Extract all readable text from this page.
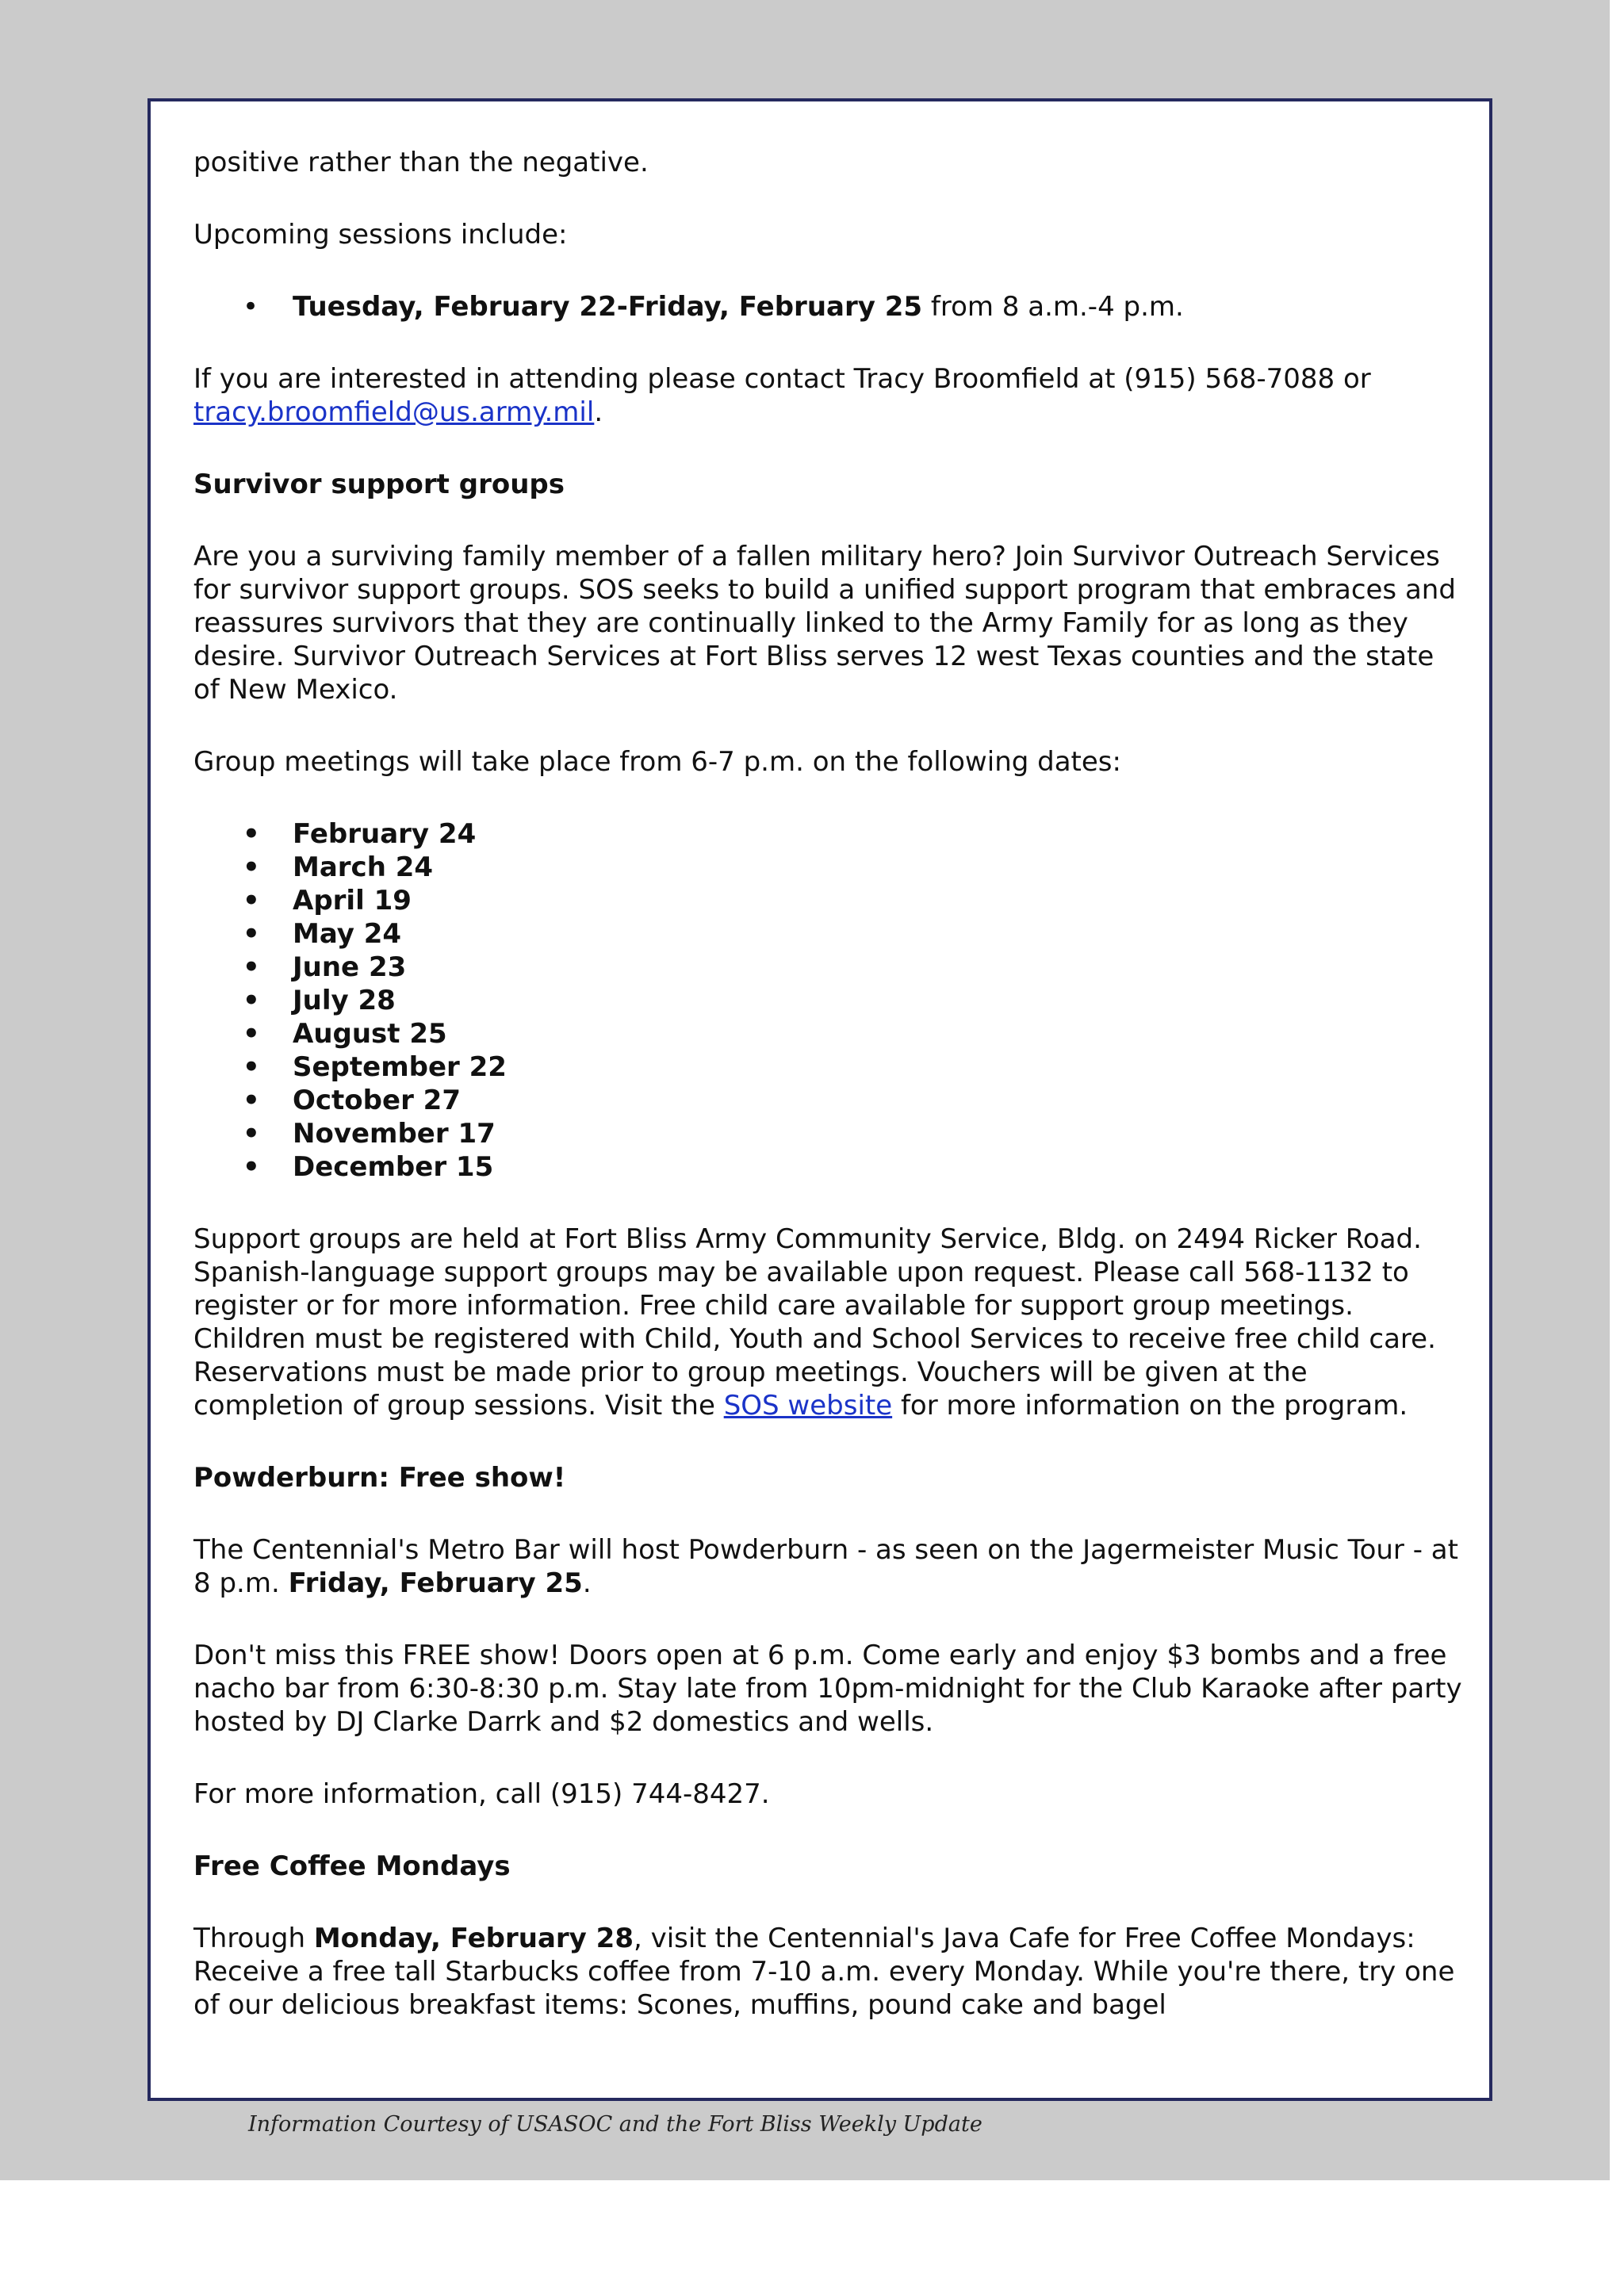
positive rather than the negative.

Upcoming sessions include:

• Tuesday, February 22-Friday, February 25 from 8 a.m.-4 p.m.

If you are interested in attending please contact Tracy Broomfield at (915) 568-7088 or tracy.broomfield@us.army.mil.

Survivor support groups

Are you a surviving family member of a fallen military hero? Join Survivor Outreach Services for survivor support groups. SOS seeks to build a unified support program that embraces and reassures survivors that they are continually linked to the Army Family for as long as they desire. Survivor Outreach Services at Fort Bliss serves 12 west Texas counties and the state of New Mexico.

Group meetings will take place from 6-7 p.m. on the following dates:

• February 24
• March 24
• April 19
• May 24
• June 23
• July 28
• August 25
• September 22
• October 27
• November 17
• December 15

Support groups are held at Fort Bliss Army Community Service, Bldg. on 2494 Ricker Road. Spanish-language support groups may be available upon request. Please call 568-1132 to register or for more information. Free child care available for support group meetings. Children must be registered with Child, Youth and School Services to receive free child care. Reservations must be made prior to group meetings. Vouchers will be given at the completion of group sessions. Visit the SOS website for more information on the program.

Powderburn: Free show!

The Centennial's Metro Bar will host Powderburn - as seen on the Jagermeister Music Tour - at 8 p.m. Friday, February 25.

Don't miss this FREE show! Doors open at 6 p.m. Come early and enjoy $3 bombs and a free nacho bar from 6:30-8:30 p.m. Stay late from 10pm-midnight for the Club Karaoke after party hosted by DJ Clarke Darrk and $2 domestics and wells.

For more information, call (915) 744-8427.

Free Coffee Mondays

Through Monday, February 28, visit the Centennial's Java Cafe for Free Coffee Mondays: Receive a free tall Starbucks coffee from 7-10 a.m. every Monday. While you're there, try one of our delicious breakfast items: Scones, muffins, pound cake and bagel

Information Courtesy of USASOC and the Fort Bliss Weekly Update
